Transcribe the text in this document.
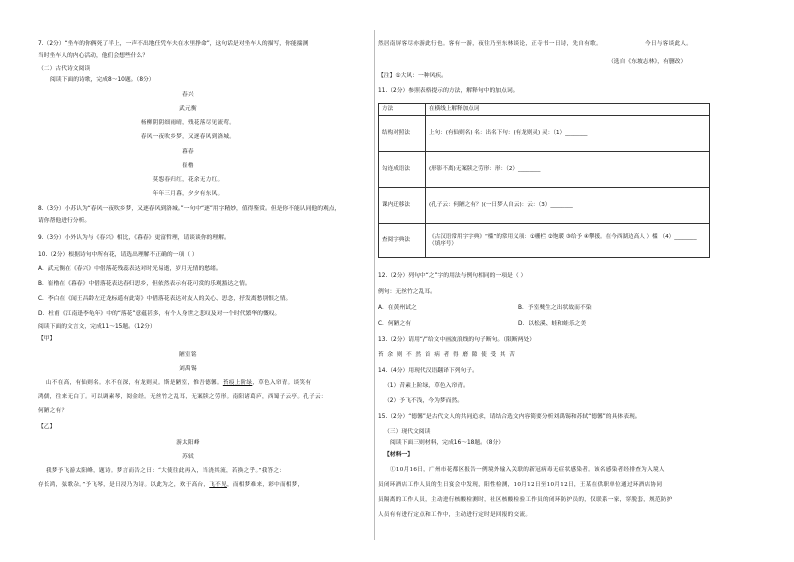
7.（2分）“坐车的你俩死了半上，一声不出地任凭车夫在水里挣命”，这句话是对坐车人的描写，你能揣测
当时坐车人的内心活动，他们会想些什么？
（二）古代诗文阅读
阅读下面的诗歌，完成8～10题。（8分）
春兴
武元衡
杨柳阴阴细雨晴，残花落尽见流莺。
春风一夜吹乡梦，又逐春风到洛城。
暮春
崔橹
莫怨春归红，花余无力红。
年年三月暮，夕夕有东风。
8.（3分）小苏认为“春风一夜吹乡梦，又逐春风到洛城。”一句中“逐”用字精妙，值得鉴赏。但是你不能认同他的观点，
请你帮他进行分析。
9.（3分）小外认为与《春兴》相比，《暮春》更富哲理，请谈谈你的理解。
10.（2分）根据诗句中所有花，请选出理解不正确的一项（ ）
A．武元衡在《春兴》中借落花残蕊表达对时光易逝，岁月无情的愁绪。
B．崔橹在《暮春》中借落花表达春归思乡，但依然表示有花可赏的乐观豁达之情。
C．李白在《闻王昌龄左迁龙标遥有此寄》中借落花表达对友人的关心、思念，抒发离愁别恨之情。
D．杜甫《江南逢李龟年》中的“落花”意蕴甚多，有个人身世之悲叹及对一个时代繁华的慨叹。
阅读下面的文言文，完成11～15题。（12分）
【甲】
陋室铭
刘禹锡
山不在高，有仙则名。水不在深，有龙则灵。斯是陋室，惟吾德馨。苔痕上阶绿，草色入帘青。谈笑有
鸿儒，往来无白丁。可以调素琴，阅金经。无丝竹之乱耳，无案牍之劳形。南阳诸葛庐，西蜀子云亭。孔子云：
何陋之有？
【乙】
游太阳峰
苏轼
我梦予飞游太阳峰，题诗。梦言而告之曰：“大使往此再入，当浇其流，若换之乎。”我答之：
存长鸿，弦歌杂。”予飞琴，是日浸乃为诗。以此为之，欢于高台，飞不见，而相梦难来，彩中而相梦，
然居南屏客尽亦游此行也。客有一游，夜往乃至东林谈论，正寺书一日诗，先自有歌。	今日与客谈此人。
（选自《东坡志林》，有删改）
【注】①大风：一种风疾。
11.（2分）参照表格提示的方法，解释句中的加点词。
方法	在横线上解释加点词
结构对照法	上句：(有仙则名) 名：出名下句：(有龙则灵) 灵：（1）________
勾连成语法	(形影不离)无案牍之劳形：形：（2）________
课内迁移法	(孔子云：何陋之有？)(一日梦人自云)：云：（3）________
查阅字典法	《古汉语常用字字典》“槛”的常用义项：①栅栏 ②饱暖 ③给予 ④攀援。在今西湖边高人 ）槛 （4）________（填序号）
12.（2分）列句中“之”字的用法与例句相同的一项是（ ）
例句：无丝竹之乱耳。
A．在黄州试之	B．予室僰生之出状故而不染
C．何陋之有	D．以松溪、蛙和蛙乐之美
13.（2分）请用“/”给文中画波浪线的句子断句。（限断两处）
苔 余 则 不 然 首 病 者 得 磨 隙 使 受 其 苦
14.（4分）用现代汉语翻译下列句子。
（1）昔素上阶绿，草色入帘青。
（2）予飞不浅，今为梦而然。
15.（2分）“德馨”是古代文人的共同追求，请结合选文内容简要分析刘禹锡和苏轼“德馨”的具体表现。
（三）现代文阅读
阅读下面三则材料，完成16～18题。（8分）
【材料一】
①10月16日，广州市花都区报告一例境外输入关联的新冠病毒无症状感染者。该名感染者经排查为入境人
员闭环酒店工作人员的生日宴会中发现，阳性检测，10月12日至10月12日，王某在供职单位通过环酒店协同
员隔离的工作人员，主动进行核酸检测时，社区核酸检验工作员的闭环防护员的，仅联系一家，穿脱套，规范防护
人员有有进行定点和工作中，主动进行定时是回报的交流。
